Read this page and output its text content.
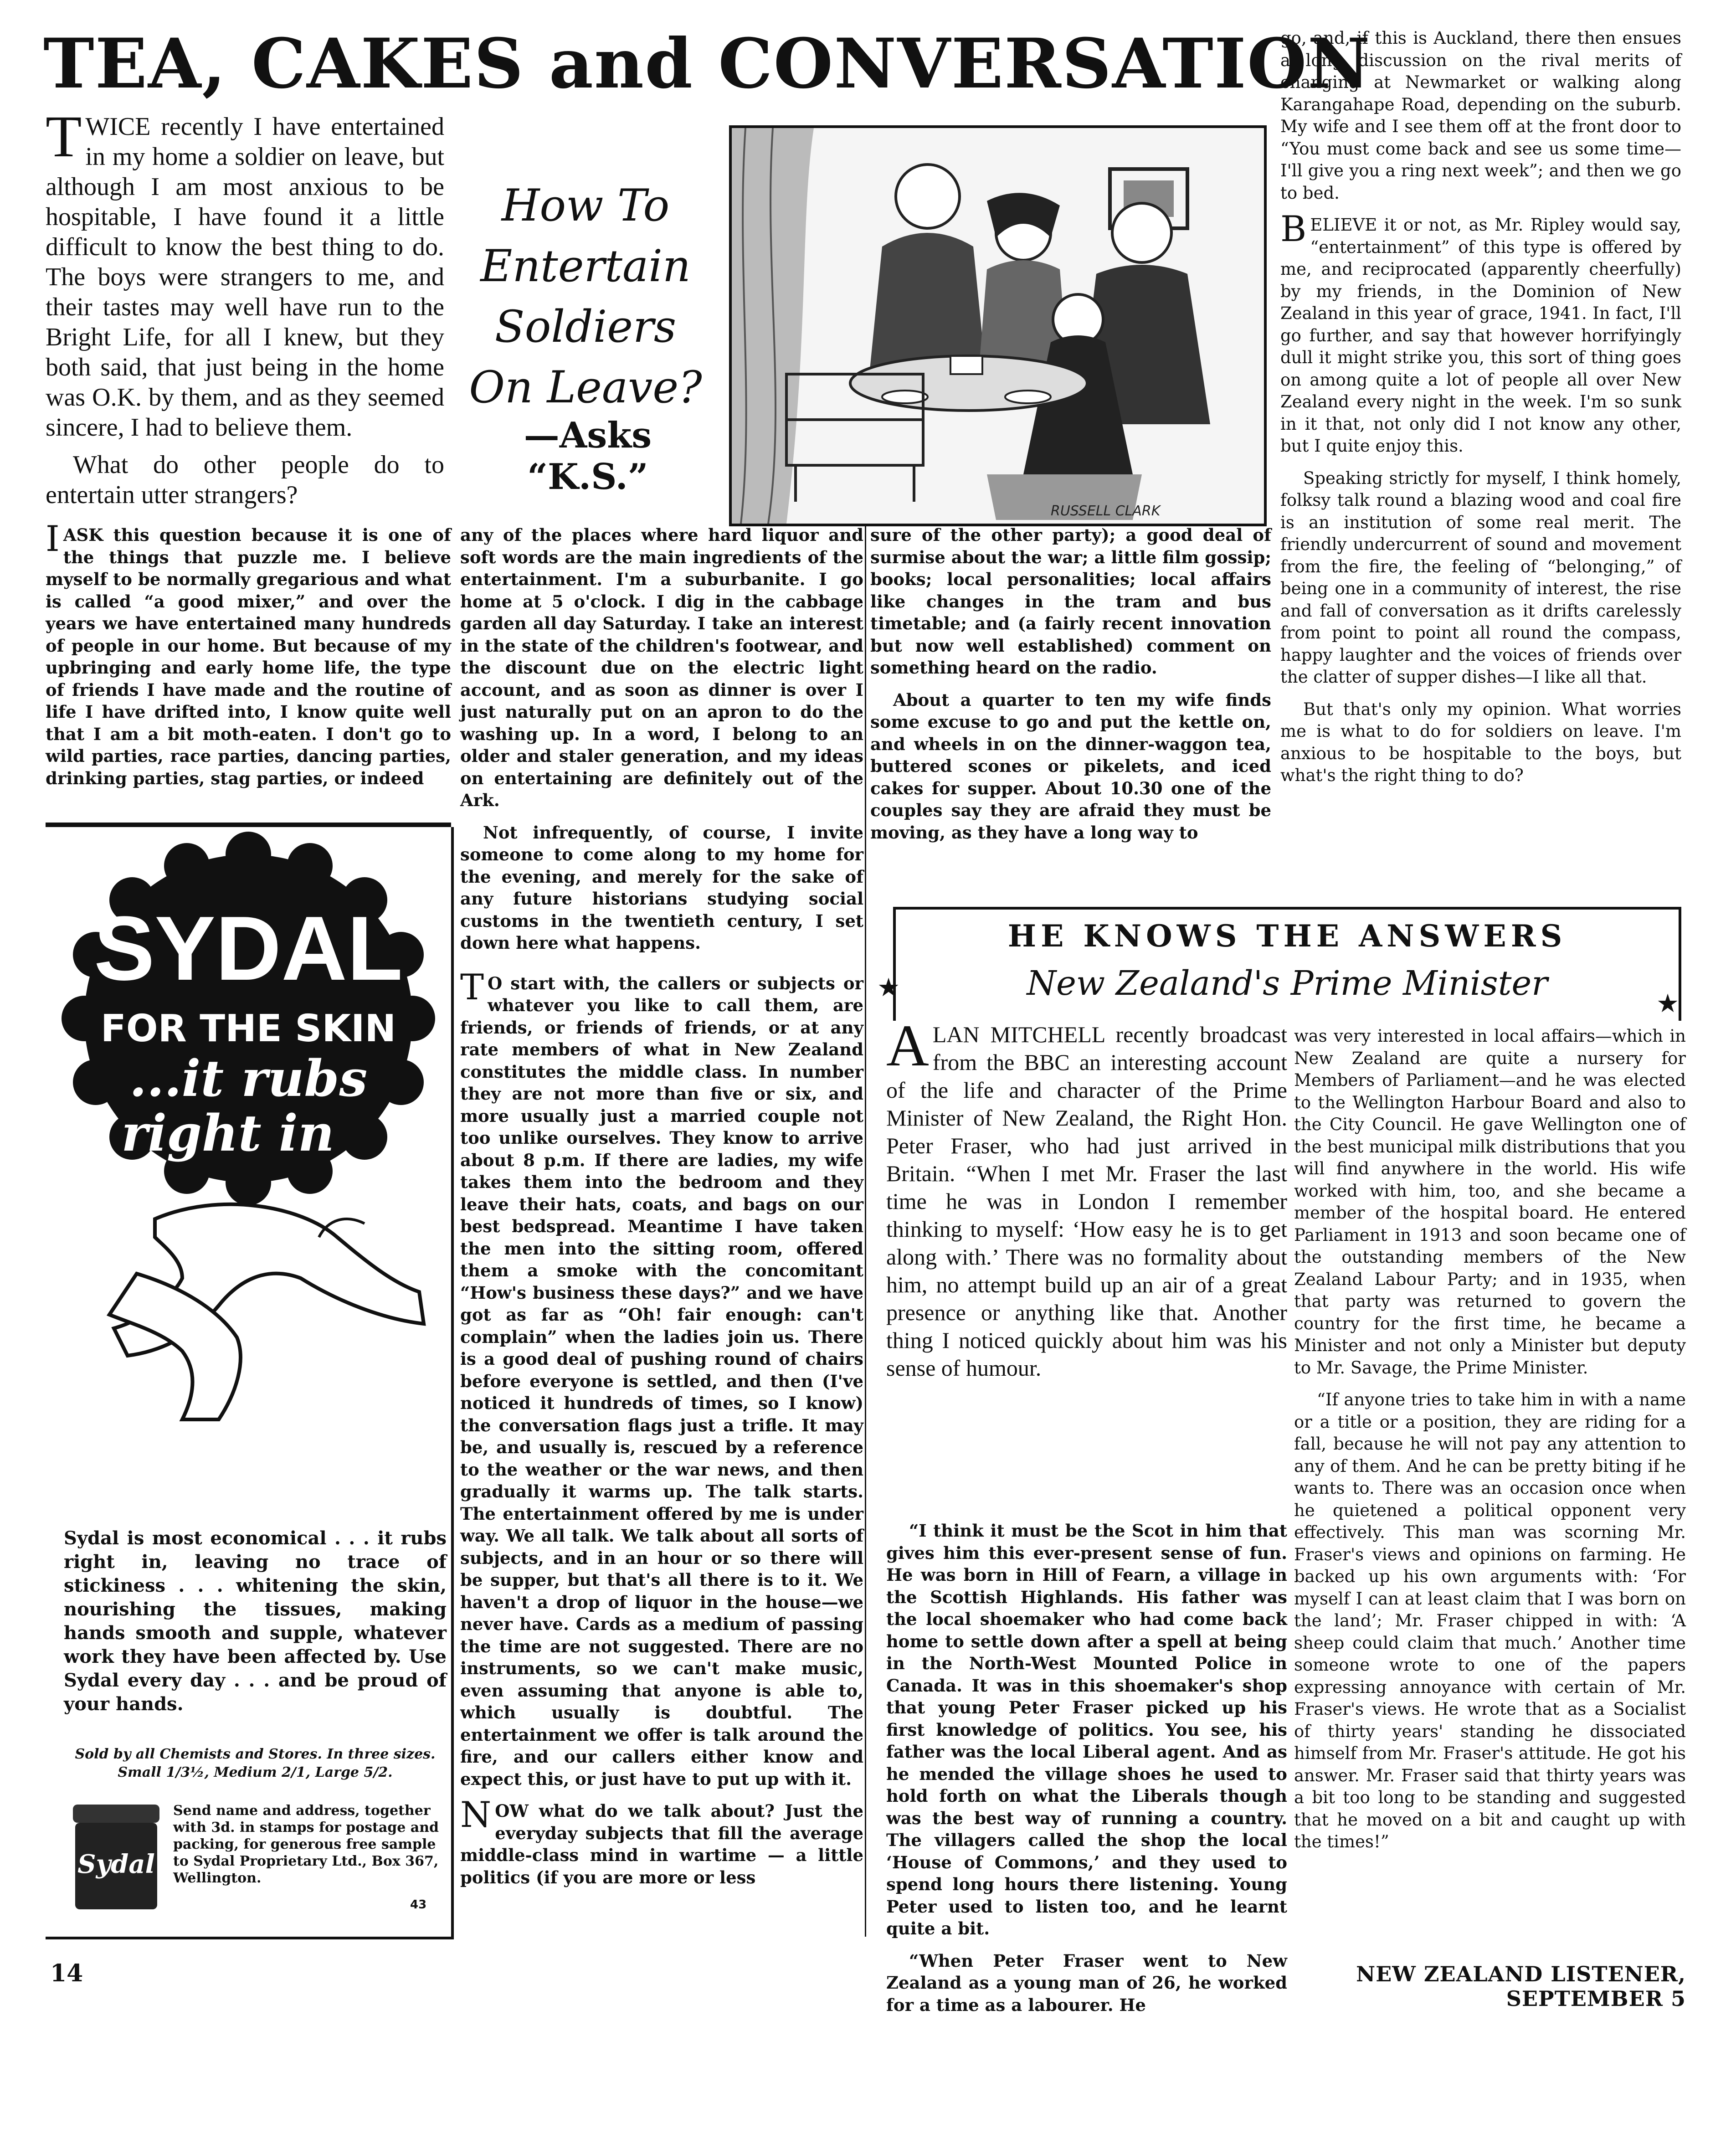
TEA, CAKES and CONVERSATION

TWICE recently I have entertained in my home a soldier on leave, but although I am most anxious to be hospitable, I have found it a little difficult to know the best thing to do. The boys were strangers to me, and their tastes may well have run to the Bright Life, for all I knew, but they both said, that just being in the home was O.K. by them, and as they seemed sincere, I had to believe them.

What do other people do to entertain utter strangers?

How To
Entertain
Soldiers
On Leave?
—Asks “K.S.”
RUSSELL CLARK

IASK this question because it is one of the things that puzzle me. I believe myself to be normally gregarious and what is called “a good mixer,” and over the years we have entertained many hundreds of people in our home. But because of my upbringing and early home life, the type of friends I have made and the routine of life I have drifted into, I know quite well that I am a bit moth-eaten. I don't go to wild parties, race parties, dancing parties, drinking parties, stag parties, or indeed

SYDAL
FOR THE SKIN
...it rubs
right in
Sydal is most economical . . . it rubs right in, leaving no trace of stickiness . . . whitening the skin, nourishing the tissues, making hands smooth and supple, whatever work they have been affected by. Use Sydal every day . . . and be proud of your hands.
Sold by all Chemists and Stores. In three sizes.
Small 1/3½, Medium 2/1, Large 5/2.
Sydal
Send name and address, together with 3d. in stamps for postage and packing, for generous free sample to Sydal Proprietary Ltd., Box 367, Wellington.
43

any of the places where hard liquor and soft words are the main ingredients of the entertainment. I'm a suburbanite. I go home at 5 o'clock. I dig in the cabbage garden all day Saturday. I take an interest in the state of the children's footwear, and the discount due on the electric light account, and as soon as dinner is over I just naturally put on an apron to do the washing up. In a word, I belong to an older and staler generation, and my ideas on entertaining are definitely out of the Ark.

Not infrequently, of course, I invite someone to come along to my home for the evening, and merely for the sake of any future historians studying social customs in the twentieth century, I set down here what happens.

T O start with, the callers or subjects or whatever you like to call them, are friends, or friends of friends, or at any rate members of what in New Zealand constitutes the middle class. In number they are not more than five or six, and more usually just a married couple not too unlike ourselves. They know to arrive about 8 p.m. If there are ladies, my wife takes them into the bedroom and they leave their hats, coats, and bags on our best bedspread. Meantime I have taken the men into the sitting room, offered them a smoke with the concomitant “How's business these days?” and we have got as far as “Oh! fair enough: can't complain” when the ladies join us. There is a good deal of pushing round of chairs before everyone is settled, and then (I've noticed it hundreds of times, so I know) the conversation flags just a trifle. It may be, and usually is, rescued by a reference to the weather or the war news, and then gradually it warms up. The talk starts. The entertainment offered by me is under way. We all talk. We talk about all sorts of subjects, and in an hour or so there will be supper, but that's all there is to it. We haven't a drop of liquor in the house—we never have. Cards as a medium of passing the time are not suggested. There are no instruments, so we can't make music, even assuming that anyone is able to, which usually is doubtful. The entertainment we offer is talk around the fire, and our callers either know and expect this, or just have to put up with it.

NOW what do we talk about? Just the everyday subjects that fill the average middle-class mind in wartime — a little politics (if you are more or less

sure of the other party); a good deal of surmise about the war; a little film gossip; books; local personalities; local affairs like changes in the tram and bus timetable; and (a fairly recent innovation but now well established) comment on something heard on the radio.

About a quarter to ten my wife finds some excuse to go and put the kettle on, and wheels in on the dinner-waggon tea, buttered scones or pikelets, and iced cakes for supper. About 10.30 one of the couples say they are afraid they must be moving, as they have a long way to

go, and, if this is Auckland, there then ensues a long discussion on the rival merits of changing at Newmarket or walking along Karangahape Road, depending on the suburb. My wife and I see them off at the front door to “You must come back and see us some time—I'll give you a ring next week”; and then we go to bed.

BELIEVE it or not, as Mr. Ripley would say, “entertainment” of this type is offered by me, and reciprocated (apparently cheerfully) by my friends, in the Dominion of New Zealand in this year of grace, 1941. In fact, I'll go further, and say that however horrifyingly dull it might strike you, this sort of thing goes on among quite a lot of people all over New Zealand every night in the week. I'm so sunk in it that, not only did I not know any other, but I quite enjoy this.

Speaking strictly for myself, I think homely, folksy talk round a blazing wood and coal fire is an institution of some real merit. The friendly undercurrent of sound and movement from the fire, the feeling of “belonging,” of being one in a community of interest, the rise and fall of conversation as it drifts carelessly from point to point all round the compass, happy laughter and the voices of friends over the clatter of supper dishes—I like all that.

But that's only my opinion. What worries me is what to do for soldiers on leave. I'm anxious to be hospitable to the boys, but what's the right thing to do?

HE KNOWS THE ANSWERS
New Zealand's Prime Minister
★
★

ALAN MITCHELL recently broadcast from the BBC an interesting account of the life and character of the Prime Minister of New Zealand, the Right Hon. Peter Fraser, who had just arrived in Britain. “When I met Mr. Fraser the last time he was in London I remember thinking to myself: ‘How easy he is to get along with.’ There was no formality about him, no attempt build up an air of a great presence or anything like that. Another thing I noticed quickly about him was his sense of humour.

“I think it must be the Scot in him that gives him this ever-present sense of fun. He was born in Hill of Fearn, a village in the Scottish Highlands. His father was the local shoemaker who had come back home to settle down after a spell at being in the North-West Mounted Police in Canada. It was in this shoemaker's shop that young Peter Fraser picked up his first knowledge of politics. You see, his father was the local Liberal agent. And as he mended the village shoes he used to hold forth on what the Liberals though was the best way of running a country. The villagers called the shop the local ‘House of Commons,’ and they used to spend long hours there listening. Young Peter used to listen too, and he learnt quite a bit.

“When Peter Fraser went to New Zealand as a young man of 26, he worked for a time as a labourer. He

was very interested in local affairs—which in New Zealand are quite a nursery for Members of Parliament—and he was elected to the Wellington Harbour Board and also to the City Council. He gave Wellington one of the best municipal milk distributions that you will find anywhere in the world. His wife worked with him, too, and she became a member of the hospital board. He entered Parliament in 1913 and soon became one of the outstanding members of the New Zealand Labour Party; and in 1935, when that party was returned to govern the country for the first time, he became a Minister and not only a Minister but deputy to Mr. Savage, the Prime Minister.

“If anyone tries to take him in with a name or a title or a position, they are riding for a fall, because he will not pay any attention to any of them. And he can be pretty biting if he wants to. There was an occasion once when he quietened a political opponent very effectively. This man was scorning Mr. Fraser's views and opinions on farming. He backed up his own arguments with: ‘For myself I can at least claim that I was born on the land’; Mr. Fraser chipped in with: ‘A sheep could claim that much.’ Another time someone wrote to one of the papers expressing annoyance with certain of Mr. Fraser's views. He wrote that as a Socialist of thirty years' standing he dissociated himself from Mr. Fraser's attitude. He got his answer. Mr. Fraser said that thirty years was a bit too long to be standing and suggested that he moved on a bit and caught up with the times!”

14	NEW ZEALAND LISTENER, SEPTEMBER 5
